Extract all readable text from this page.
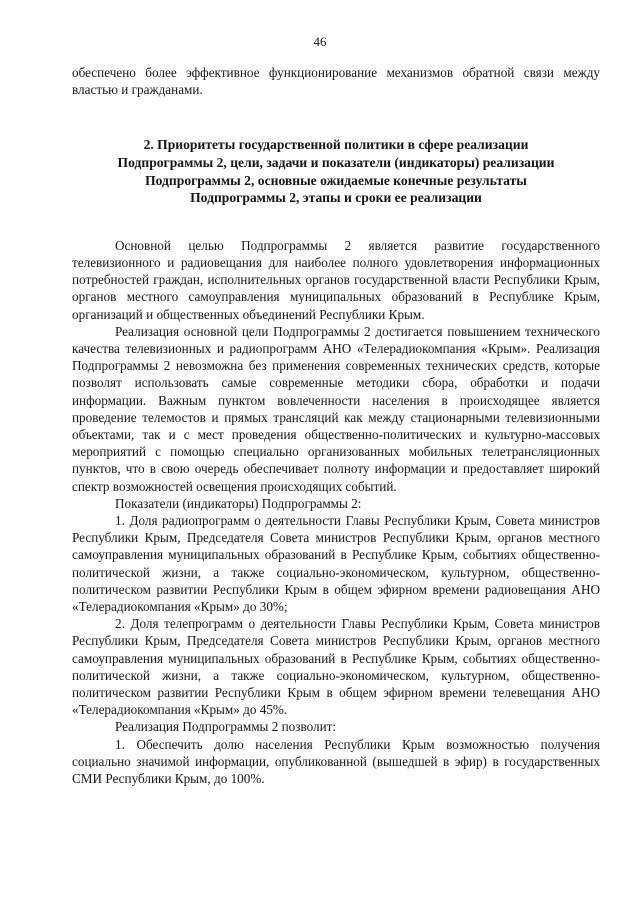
46

обеспечено более эффективное функционирование механизмов обратной связи между властью и гражданами.

2. Приоритеты государственной политики в сфере реализации
Подпрограммы 2, цели, задачи и показатели (индикаторы) реализации
Подпрограммы 2, основные ожидаемые конечные результаты
Подпрограммы 2, этапы и сроки ее реализации

Основной целью Подпрограммы 2 является развитие государственного телевизионного и радиовещания для наиболее полного удовлетворения информационных потребностей граждан, исполнительных органов государственной власти Республики Крым, органов местного самоуправления муниципальных образований в Республике Крым, организаций и общественных объединений Республики Крым.

Реализация основной цели Подпрограммы 2 достигается повышением технического качества телевизионных и радиопрограмм АНО «Телерадиокомпания «Крым». Реализация Подпрограммы 2 невозможна без применения современных технических средств, которые позволят использовать самые современные методики сбора, обработки и подачи информации. Важным пунктом вовлеченности населения в происходящее является проведение телемостов и прямых трансляций как между стационарными телевизионными объектами, так и с мест проведения общественно-политических и культурно-массовых мероприятий с помощью специально организованных мобильных телетрансляционных пунктов, что в свою очередь обеспечивает полноту информации и предоставляет широкий спектр возможностей освещения происходящих событий.

Показатели (индикаторы) Подпрограммы 2:

1. Доля радиопрограмм о деятельности Главы Республики Крым, Совета министров Республики Крым, Председателя Совета министров Республики Крым, органов местного самоуправления муниципальных образований в Республике Крым, событиях общественно-политической жизни, а также социально-экономическом, культурном, общественно-политическом развитии Республики Крым в общем эфирном времени радиовещания АНО «Телерадиокомпания «Крым» до 30%;

2. Доля телепрограмм о деятельности Главы Республики Крым, Совета министров Республики Крым, Председателя Совета министров Республики Крым, органов местного самоуправления муниципальных образований в Республике Крым, событиях общественно-политической жизни, а также социально-экономическом, культурном, общественно-политическом развитии Республики Крым в общем эфирном времени телевещания АНО «Телерадиокомпания «Крым» до 45%.

Реализация Подпрограммы 2 позволит:

1. Обеспечить долю населения Республики Крым возможностью получения социально значимой информации, опубликованной (вышедшей в эфир) в государственных СМИ Республики Крым, до 100%.
